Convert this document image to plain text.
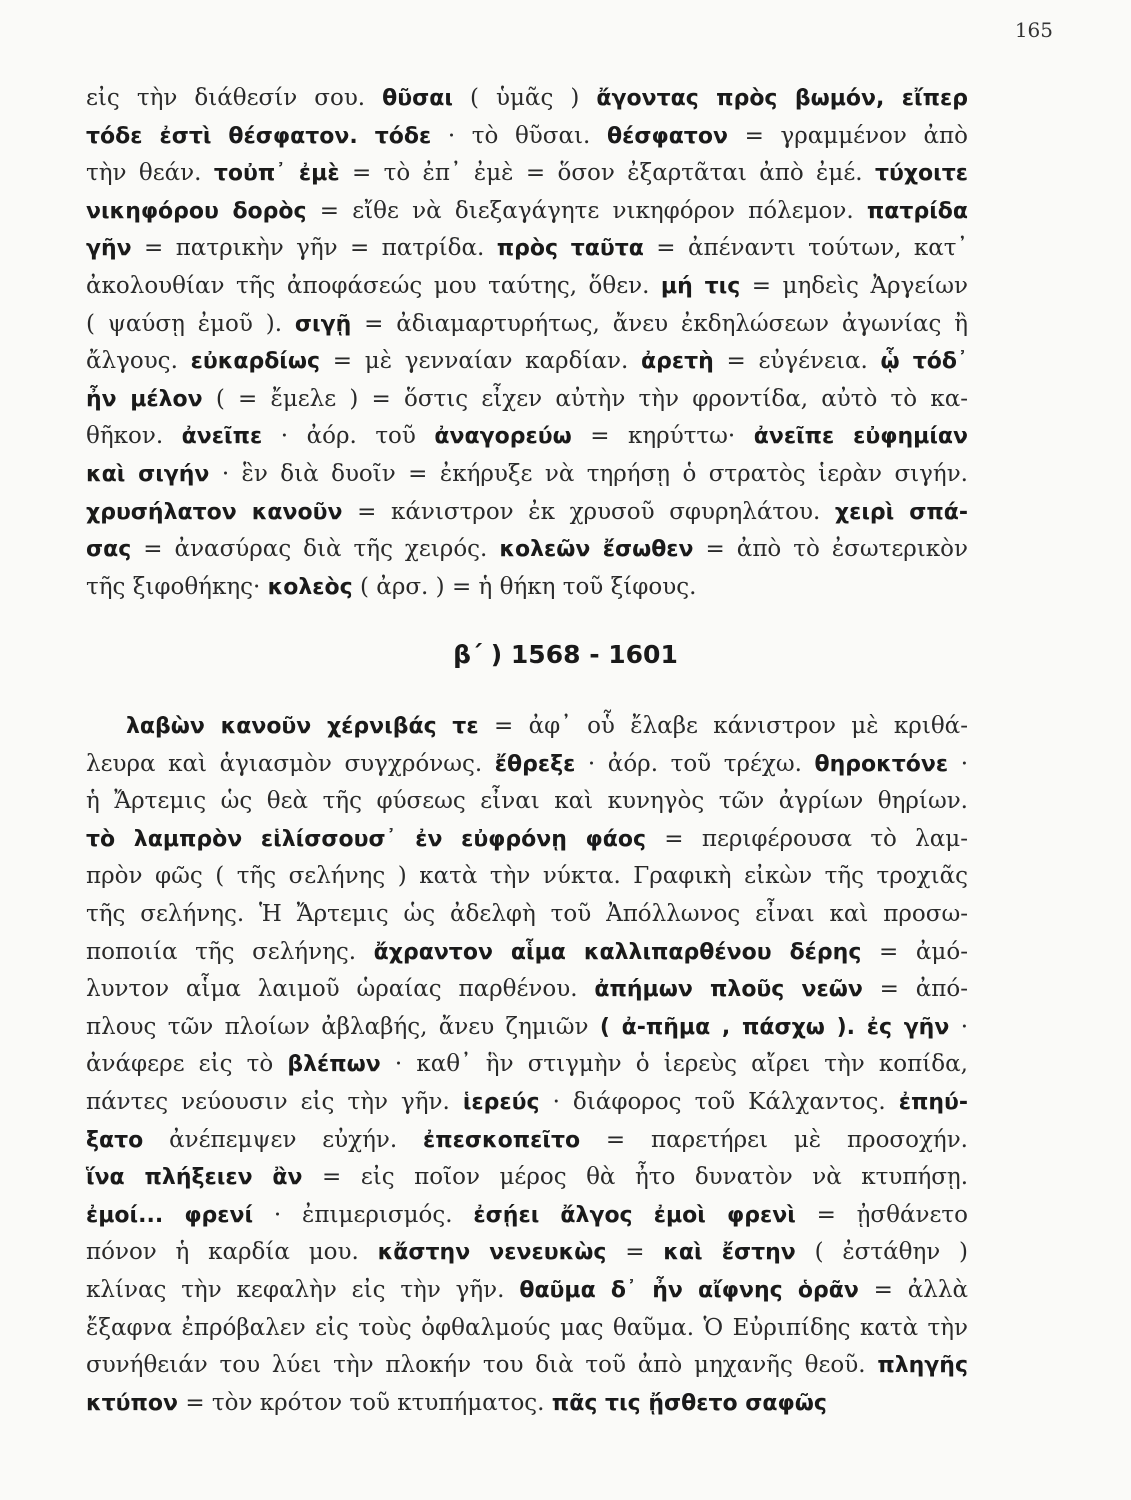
165
εἰς τὴν διάθεσίν σου. θῦσαι ( ὑμᾶς ) ἄγοντας πρὸς βωμόν, εἴπερ
τόδε ἐστὶ θέσφατον. τόδε · τὸ θῦσαι. θέσφατον = γραμμένον ἀπὸ
τὴν θεάν. τοὐπ᾽ ἐμὲ = τὸ ἐπ᾽ ἐμὲ = ὅσον ἐξαρτᾶται ἀπὸ ἐμέ. τύχοιτε
νικηφόρου δορὸς = εἴθε νὰ διεξαγάγητε νικηφόρον πόλεμον. πατρίδα
γῆν = πατρικὴν γῆν = πατρίδα. πρὸς ταῦτα = ἀπέναντι τούτων, κατ᾽
ἀκολουθίαν τῆς ἀποφάσεώς μου ταύτης, ὅθεν. μή τις = μηδεὶς Ἀργείων
( ψαύσῃ ἐμοῦ ). σιγῇ = ἀδιαμαρτυρήτως, ἄνευ ἐκδηλώσεων ἀγωνίας ἢ
ἄλγους. εὐκαρδίως = μὲ γενναίαν καρδίαν. ἀρετὴ = εὐγένεια. ᾧ τόδ᾽
ἦν μέλον ( = ἔμελε ) = ὅστις εἶχεν αὐτὴν τὴν φροντίδα, αὐτὸ τὸ κα-
θῆκον. ἀνεῖπε · ἀόρ. τοῦ ἀναγορεύω = κηρύττω· ἀνεῖπε εὐφημίαν
καὶ σιγήν · ἓν διὰ δυοῖν = ἐκήρυξε νὰ τηρήσῃ ὁ στρατὸς ἱερὰν σιγήν.
χρυσήλατον κανοῦν = κάνιστρον ἐκ χρυσοῦ σφυρηλάτου. χειρὶ σπά-
σας = ἀνασύρας διὰ τῆς χειρός. κολεῶν ἔσωθεν = ἀπὸ τὸ ἐσωτερικὸν
τῆς ξιφοθήκης· κολεὸς ( ἀρσ. ) = ἡ θήκη τοῦ ξίφους.
β΄ ) 1568 - 1601
λαβὼν κανοῦν χέρνιβάς τε = ἀφ᾽ οὗ ἔλαβε κάνιστρον μὲ κριθά-
λευρα καὶ ἁγιασμὸν συγχρόνως. ἔθρεξε · ἀόρ. τοῦ τρέχω. θηροκτόνε ·
ἡ Ἄρτεμις ὡς θεὰ τῆς φύσεως εἶναι καὶ κυνηγὸς τῶν ἀγρίων θηρίων.
τὸ λαμπρὸν εἱλίσσουσ᾽ ἐν εὐφρόνῃ φάος = περιφέρουσα τὸ λαμ-
πρὸν φῶς ( τῆς σελήνης ) κατὰ τὴν νύκτα. Γραφικὴ εἰκὼν τῆς τροχιᾶς
τῆς σελήνης. Ἡ Ἄρτεμις ὡς ἀδελφὴ τοῦ Ἀπόλλωνος εἶναι καὶ προσω-
ποποιία τῆς σελήνης. ἄχραντον αἷμα καλλιπαρθένου δέρης = ἀμό-
λυντον αἷμα λαιμοῦ ὡραίας παρθένου. ἀπήμων πλοῦς νεῶν = ἀπό-
πλους τῶν πλοίων ἀβλαβής, ἄνευ ζημιῶν ( ἀ-πῆμα , πάσχω ). ἐς γῆν ·
ἀνάφερε εἰς τὸ βλέπων · καθ᾽ ἣν στιγμὴν ὁ ἱερεὺς αἴρει τὴν κοπίδα,
πάντες νεύουσιν εἰς τὴν γῆν. ἱερεύς · διάφορος τοῦ Κάλχαντος. ἐπηύ-
ξατο ἀνέπεμψεν εὐχήν. ἐπεσκοπεῖτο = παρετήρει μὲ προσοχήν.
ἵνα πλήξειεν ἂν = εἰς ποῖον μέρος θὰ ἦτο δυνατὸν νὰ κτυπήσῃ.
ἐμοί... φρενί · ἐπιμερισμός. ἐσῄει ἄλγος ἐμοὶ φρενὶ = ᾐσθάνετο
πόνον ἡ καρδία μου. κἄστην νενευκὼς = καὶ ἔστην ( ἐστάθην )
κλίνας τὴν κεφαλὴν εἰς τὴν γῆν. θαῦμα δ᾽ ἦν αἴφνης ὁρᾶν = ἀλλὰ
ἔξαφνα ἐπρόβαλεν εἰς τοὺς ὀφθαλμούς μας θαῦμα. Ὁ Εὐριπίδης κατὰ τὴν
συνήθειάν του λύει τὴν πλοκήν του διὰ τοῦ ἀπὸ μηχανῆς θεοῦ. πληγῆς
κτύπον = τὸν κρότον τοῦ κτυπήματος. πᾶς τις ᾔσθετο σαφῶς
